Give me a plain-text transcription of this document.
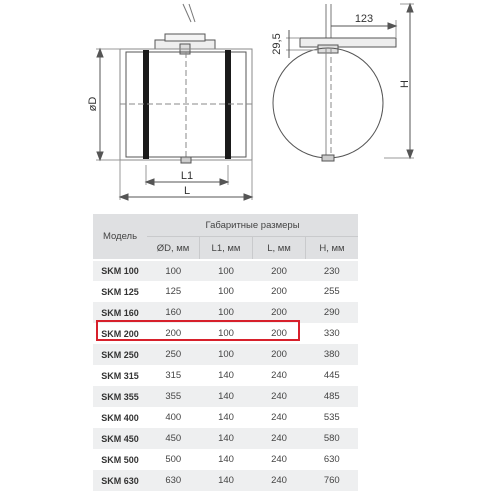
øD
L1
L
123
29,5
H
Модель	Габаритные размеры			
	ØD, мм	L1, мм	L, мм	H, мм
SKM 100	100	100	200	230
SKM 125	125	100	200	255
SKM 160	160	100	200	290
SKM 200	200	100	200	330
SKM 250	250	100	200	380
SKM 315	315	140	240	445
SKM 355	355	140	240	485
SKM 400	400	140	240	535
SKM 450	450	140	240	580
SKM 500	500	140	240	630
SKM 630	630	140	240	760
